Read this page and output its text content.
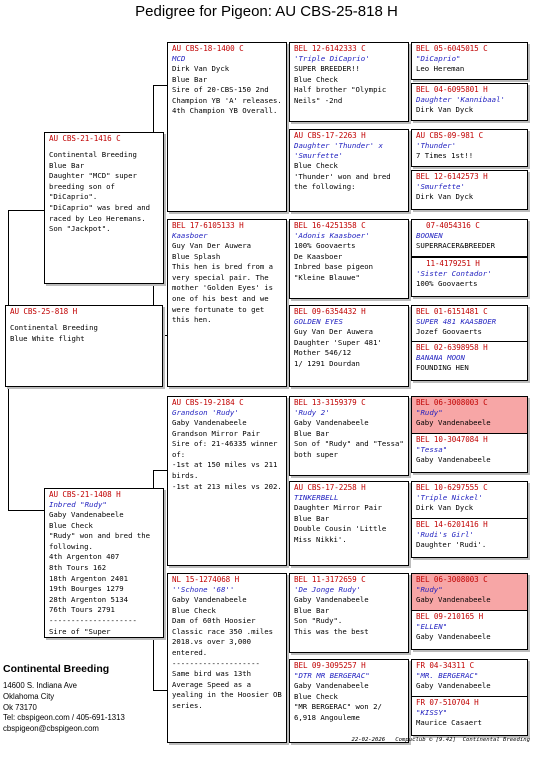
Pedigree for Pigeon: AU CBS-25-818 H
AU CBS-25-818 H
Continental Breeding
Blue White flight
AU CBS-21-1416 C
Continental Breeding
Blue Bar
Daughter "MCD" super breeding son of "DiCaprio".
"DiCaprio" was bred and raced by Leo Heremans. Son "Jackpot".
AU CBS-21-1408 H
Inbred "Rudy"
Gaby Vandenabeele
Blue Check
"Rudy" won and bred the following.
4th Argenton 407
8th Tours 162
18th Argenton 2401
19th Bourges 1279
28th Argenton 5134
76th Tours 2791
--------------------
Sire of "Super
AU CBS-18-1400 C
MCD
Dirk Van Dyck
Blue Bar
Sire of 20-CBS-150 2nd Champion YB 'A' releases. 4th Champion YB Overall.
BEL 17-6105133 H
Kaasboer
Guy Van Der Auwera
Blue Splash
This hen is bred from a very special pair. The mother 'Golden Eyes' is one of his best and we were fortunate to get this hen.
AU CBS-19-2184 C
Grandson 'Rudy'
Gaby Vandenabeele
Grandson Mirror Pair
Sire of: 21-46335 winner of:
-1st at 150 miles vs 211 birds.
-1st at 213 miles vs 202.
NL 15-1274068 H
''Schone '68''
Gaby Vandenabeele
Blue Check
Dam of 60th Hoosier Classic race 350 .miles 2018.vs over 3,000 entered.
--------------------
Same bird was 13th Average Speed as a yealing in the Hoosier OB series.
BEL 12-6142333 C
'Triple DiCaprio'
SUPER BREEDER!!
Blue Check
Half brother "Olympic Neils" -2nd
AU CBS-17-2263 H
Daughter 'Thunder' x 'Smurfette'
Blue Check
'Thunder' won and bred the following:
BEL 16-4251358 C
'Adonis Kaasboer'
100% Goovaerts
De Kaasboer
Inbred base pigeon "Kleine Blauwe"
BEL 09-6354432 H
GOLDEN EYES
Guy Van Der Auwera
Daughter 'Super 481'
Mother 546/12
1/ 1291 Dourdan
BEL 13-3159379 C
'Rudy 2'
Gaby Vandenabeele
Blue Bar
Son of "Rudy" and "Tessa" both super
AU CBS-17-2258 H
TINKERBELL
Daughter Mirror Pair
Blue Bar
Double Cousin 'Little Miss Nikki'.
BEL 11-3172659 C
'De Jonge Rudy'
Gaby Vandenabeele
Blue Bar
Son "Rudy".
This was the best
BEL 09-3095257 H
"DTR MR BERGERAC"
Gaby Vandenabeele
Blue Check
"MR BERGERAC" won 2/ 6,918 Angouleme
BEL 05-6045015 C
"DiCaprio"
Leo Hereman
BEL 04-6095801 H
Daughter 'Kannibaal'
Dirk Van Dyck
AU CBS-09-981 C
'Thunder'
7 Times 1st!!
BEL 12-6142573 H
'Smurfette'
Dirk Van Dyck
07-4054316 C
BOONEN
SUPERRACER&BREEDER
11-4179251 H
'Sister Contador'
100% Goovaerts
BEL 01-6151481 C
SUPER 481 KAASBOER
Jozef Goovaerts
BEL 02-6398958 H
BANANA MOON
FOUNDING HEN
BEL 06-3008003 C
"Rudy"
Gaby Vandenabeele
BEL 10-3047084 H
"Tessa"
Gaby Vandenabeele
BEL 10-6297555 C
'Triple Nickel'
Dirk Van Dyck
BEL 14-6201416 H
'Rudi's Girl'
Daughter 'Rudi'.
BEL 06-3008003 C
"Rudy"
Gaby Vandenabeele
BEL 09-210165 H
"ELLEN"
Gaby Vandenabeele
FR 04-34311 C
"MR. BERGERAC"
Gaby Vandenabeele
FR 07-510704 H
"KISSY"
Maurice Casaert
Continental Breeding
14600 S. Indiana Ave
Oklahoma City
Ok 73170
Tel: cbspigeon.com / 405-691-1313
cbspigeon@cbspigeon.com
22-02-2026 Compuclub © [9.42] Continental Breeding
